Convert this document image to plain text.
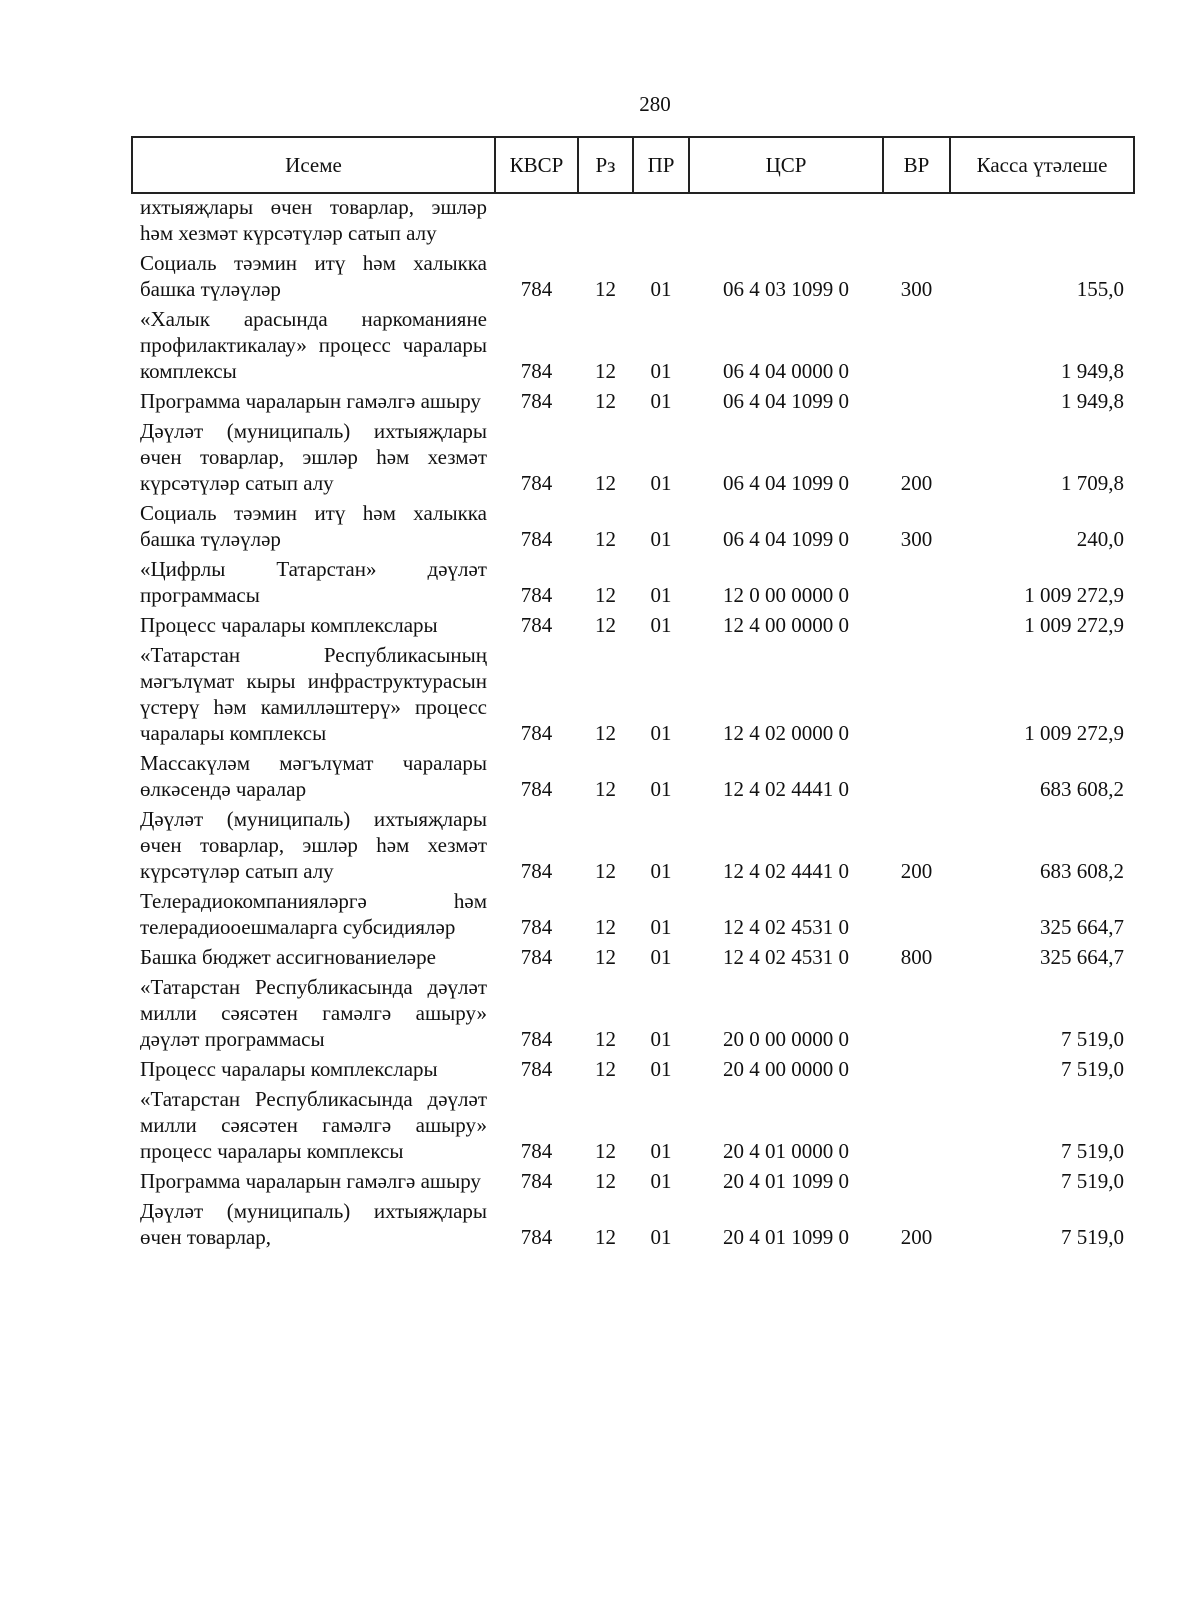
280
Исеме	КВСР	Рз	ПР	ЦСР	ВР	Касса үтәлеше
ихтыяҗлары өчен товарлар, эшләр һәм хезмәт күрсәтүләр сатып алу						
Социаль тәэмин итү һәм халыкка башка түләүләр	784	12	01	06 4 03 1099 0	300	155,0
«Халык арасында наркоманияне профилактикалау» процесс чаралары комплексы	784	12	01	06 4 04 0000 0		1 949,8
Программа чараларын гамәлгә ашыру	784	12	01	06 4 04 1099 0		1 949,8
Дәүләт (муниципаль) ихтыяҗлары өчен товарлар, эшләр һәм хезмәт күрсәтүләр сатып алу	784	12	01	06 4 04 1099 0	200	1 709,8
Социаль тәэмин итү һәм халыкка башка түләүләр	784	12	01	06 4 04 1099 0	300	240,0
«Цифрлы Татарстан» дәүләт программасы	784	12	01	12 0 00 0000 0		1 009 272,9
Процесс чаралары комплекслары	784	12	01	12 4 00 0000 0		1 009 272,9
«Татарстан Республикасының мәгълүмат кыры инфраструктурасын үстерү һәм камилләштерү» процесс чаралары комплексы	784	12	01	12 4 02 0000 0		1 009 272,9
Массакүләм мәгълүмат чаралары өлкәсендә чаралар	784	12	01	12 4 02 4441 0		683 608,2
Дәүләт (муниципаль) ихтыяҗлары өчен товарлар, эшләр һәм хезмәт күрсәтүләр сатып алу	784	12	01	12 4 02 4441 0	200	683 608,2
Телерадиокомпанияләргә һәм телерадиооешмаларга субсидияләр	784	12	01	12 4 02 4531 0		325 664,7
Башка бюджет ассигнованиеләре	784	12	01	12 4 02 4531 0	800	325 664,7
«Татарстан Республикасында дәүләт милли сәясәтен гамәлгә ашыру» дәүләт программасы	784	12	01	20 0 00 0000 0		7 519,0
Процесс чаралары комплекслары	784	12	01	20 4 00 0000 0		7 519,0
«Татарстан Республикасында дәүләт милли сәясәтен гамәлгә ашыру» процесс чаралары комплексы	784	12	01	20 4 01 0000 0		7 519,0
Программа чараларын гамәлгә ашыру	784	12	01	20 4 01 1099 0		7 519,0
Дәүләт (муниципаль) ихтыяҗлары өчен товарлар,	784	12	01	20 4 01 1099 0	200	7 519,0
